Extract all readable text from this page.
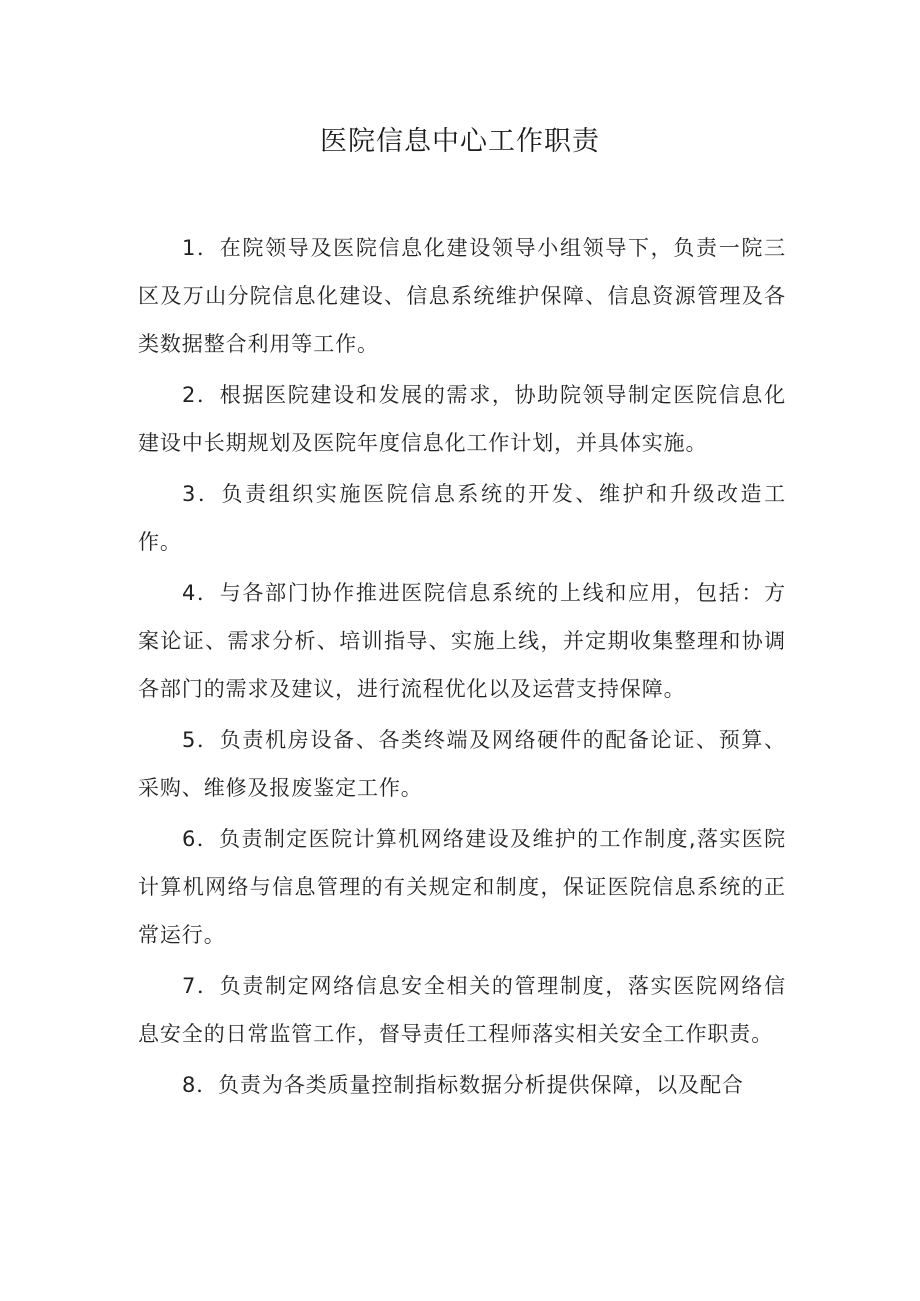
医院信息中心工作职责

1．在院领导及医院信息化建设领导小组领导下，负责一院三区及万山分院信息化建设、信息系统维护保障、信息资源管理及各类数据整合利用等工作。

2．根据医院建设和发展的需求，协助院领导制定医院信息化建设中长期规划及医院年度信息化工作计划，并具体实施。

3．负责组织实施医院信息系统的开发、维护和升级改造工作。

4．与各部门协作推进医院信息系统的上线和应用，包括：方案论证、需求分析、培训指导、实施上线，并定期收集整理和协调各部门的需求及建议，进行流程优化以及运营支持保障。

5．负责机房设备、各类终端及网络硬件的配备论证、预算、采购、维修及报废鉴定工作。

6．负责制定医院计算机网络建设及维护的工作制度,落实医院计算机网络与信息管理的有关规定和制度，保证医院信息系统的正常运行。

7．负责制定网络信息安全相关的管理制度，落实医院网络信息安全的日常监管工作，督导责任工程师落实相关安全工作职责。

8．负责为各类质量控制指标数据分析提供保障，以及配合
